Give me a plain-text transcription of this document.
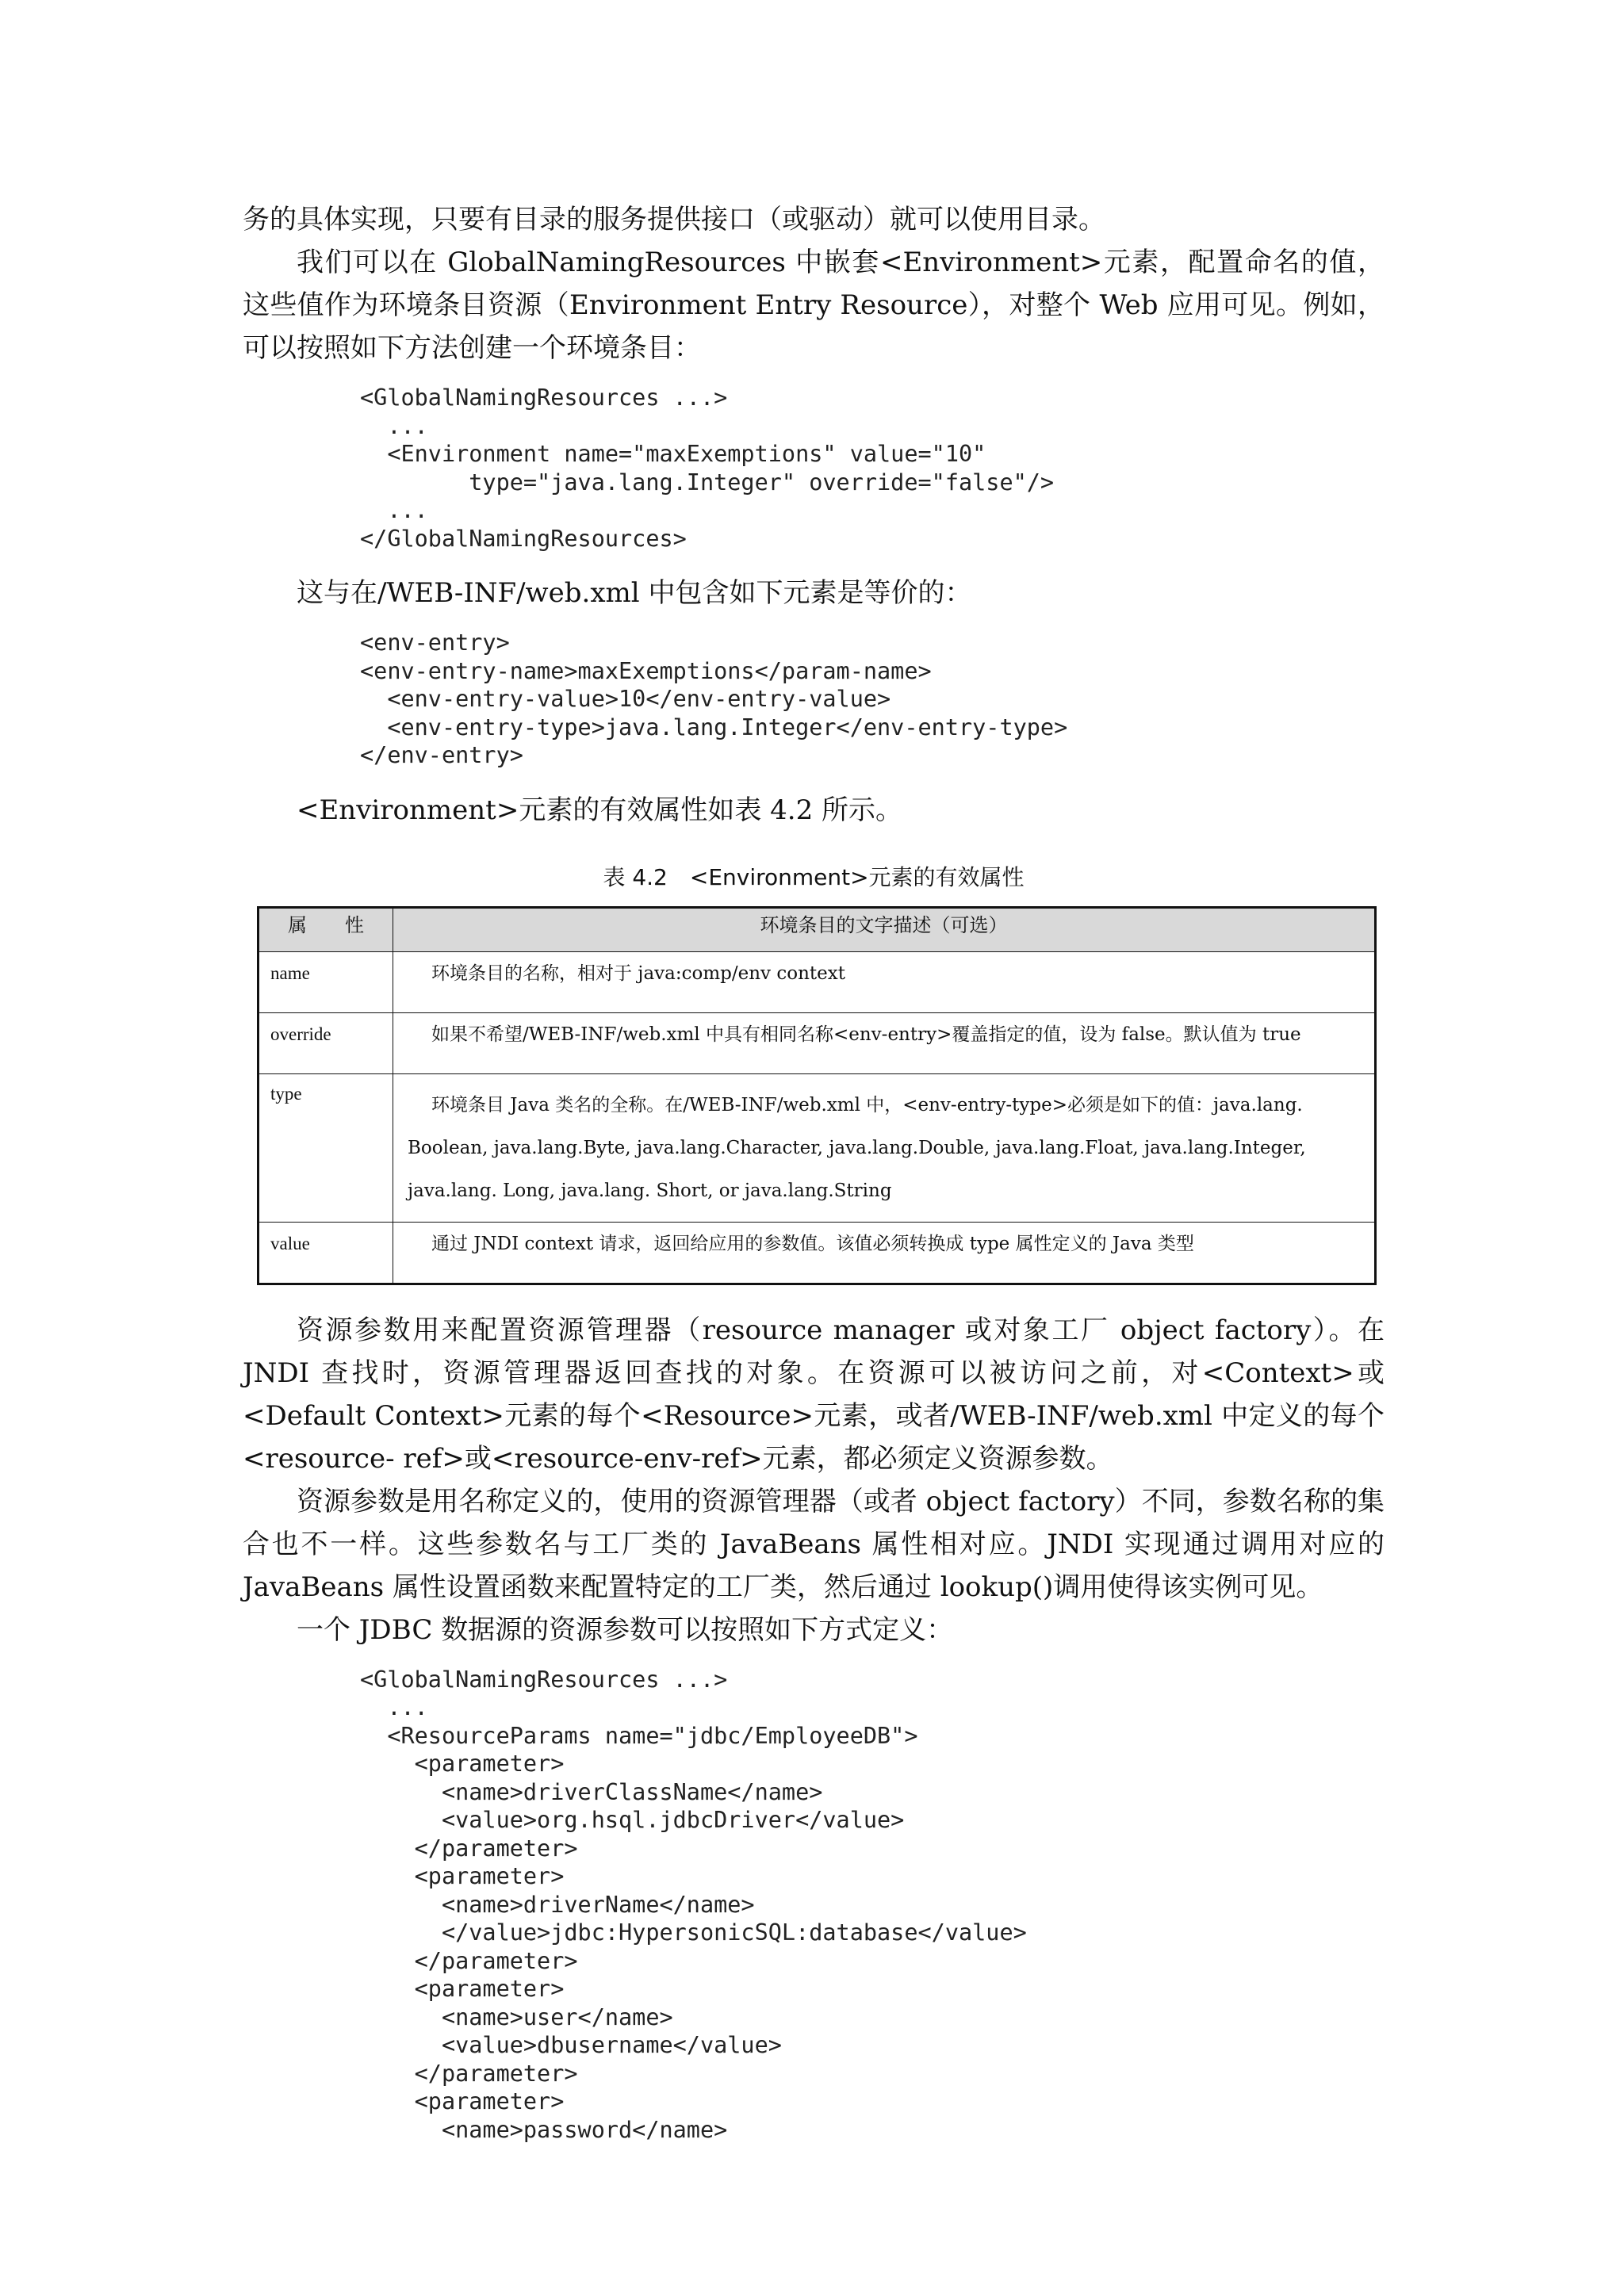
务的具体实现，只要有目录的服务提供接口（或驱动）就可以使用目录。

我们可以在 GlobalNamingResources 中嵌套<Environment>元素，配置命名的值，这些值作为环境条目资源（Environment Entry Resource），对整个 Web 应用可见。例如，可以按照如下方法创建一个环境条目：

<GlobalNamingResources ...>
...
<Environment name="maxExemptions" value="10"
type="java.lang.Integer" override="false"/>
...
</GlobalNamingResources>

这与在/WEB-INF/web.xml 中包含如下元素是等价的：

<env-entry>
<env-entry-name>maxExemptions</param-name>
<env-entry-value>10</env-entry-value>
<env-entry-type>java.lang.Integer</env-entry-type>
</env-entry>

<Environment>元素的有效属性如表 4.2 所示。

表 4.2　<Environment>元素的有效属性
属　　性	环境条目的文字描述（可选）
name	环境条目的名称，相对于 java:comp/env context

override	如果不希望/WEB-INF/web.xml 中具有相同名称<env-entry>覆盖指定的值，设为 false。默认值为 true

type	环境条目 Java 类名的全称。在/WEB-INF/web.xml 中，<env-entry-type>必须是如下的值：java.lang. Boolean, java.lang.Byte, java.lang.Character, java.lang.Double, java.lang.Float, java.lang.Integer, java.lang. Long, java.lang. Short, or java.lang.String

value	通过 JNDI context 请求，返回给应用的参数值。该值必须转换成 type 属性定义的 Java 类型

资源参数用来配置资源管理器（resource manager 或对象工厂 object factory）。在 JNDI 查找时，资源管理器返回查找的对象。在资源可以被访问之前，对<Context>或<Default Context>元素的每个<Resource>元素，或者/WEB-INF/web.xml 中定义的每个<resource- ref>或<resource-env-ref>元素，都必须定义资源参数。

资源参数是用名称定义的，使用的资源管理器（或者 object factory）不同，参数名称的集合也不一样。这些参数名与工厂类的 JavaBeans 属性相对应。JNDI 实现通过调用对应的 JavaBeans 属性设置函数来配置特定的工厂类，然后通过 lookup()调用使得该实例可见。

一个 JDBC 数据源的资源参数可以按照如下方式定义：

<GlobalNamingResources ...>
...
<ResourceParams name="jdbc/EmployeeDB">
<parameter>
<name>driverClassName</name>
<value>org.hsql.jdbcDriver</value>
</parameter>
<parameter>
<name>driverName</name>
</value>jdbc:HypersonicSQL:database</value>
</parameter>
<parameter>
<name>user</name>
<value>dbusername</value>
</parameter>
<parameter>
<name>password</name>
